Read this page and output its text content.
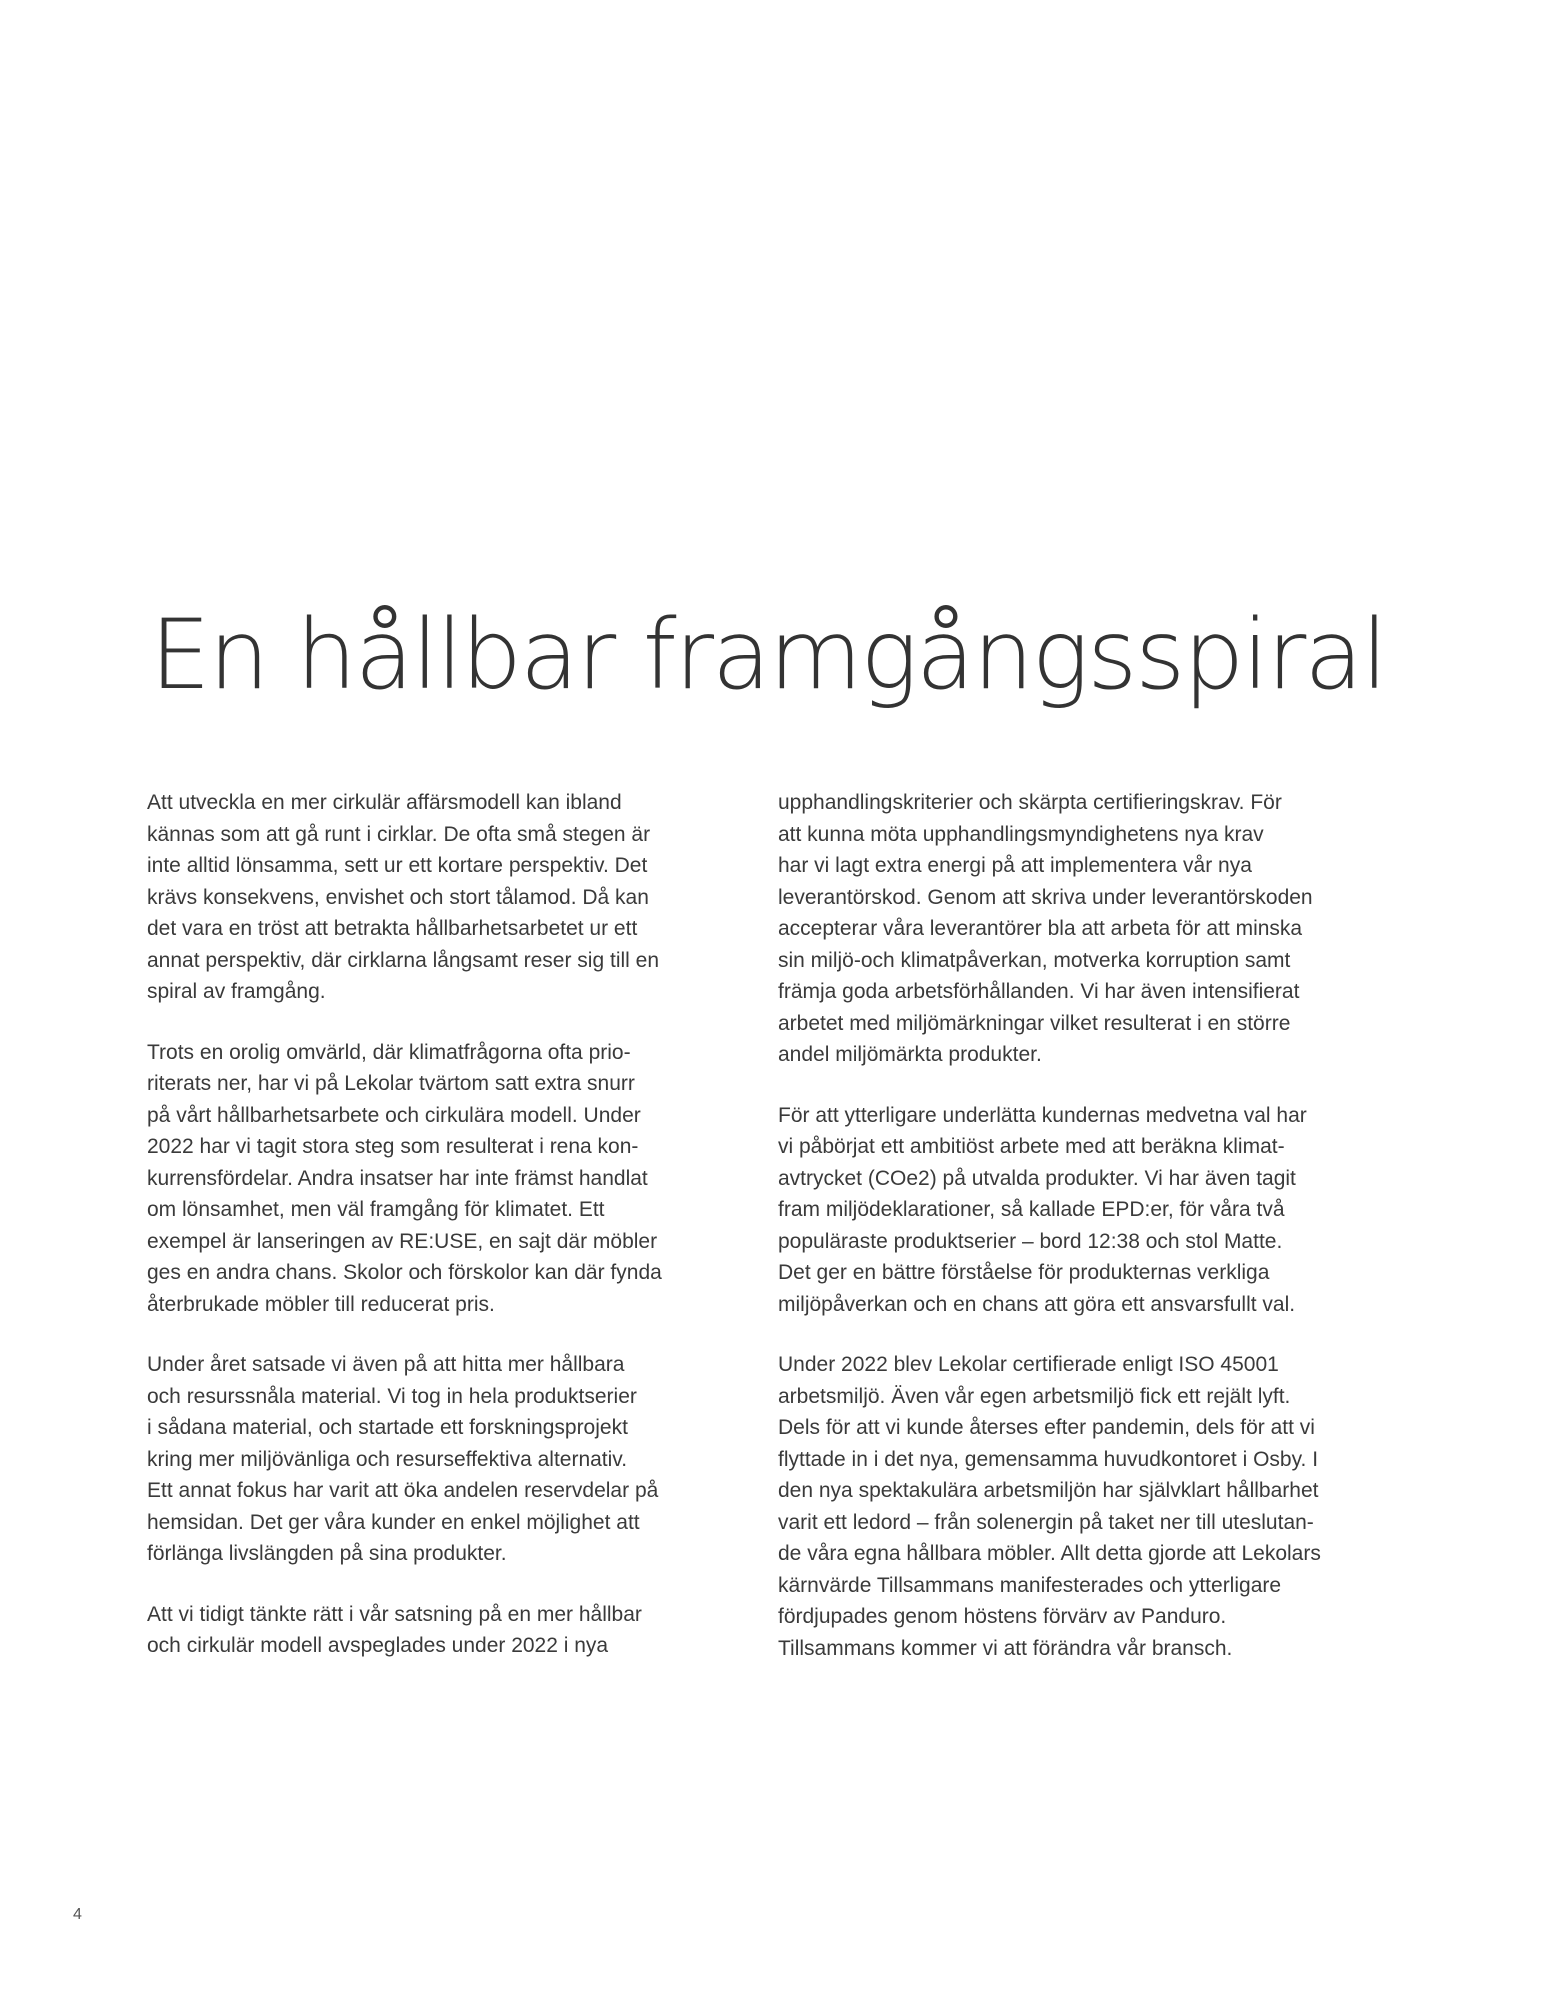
En hållbar framgångsspiral

Att utveckla en mer cirkulär affärsmodell kan ibland
kännas som att gå runt i cirklar. De ofta små stegen är
inte alltid lönsamma, sett ur ett kortare perspektiv. Det
krävs konsekvens, envishet och stort tålamod. Då kan
det vara en tröst att betrakta hållbarhetsarbetet ur ett
annat perspektiv, där cirklarna långsamt reser sig till en
spiral av framgång.

Trots en orolig omvärld, där klimatfrågorna ofta prio-
riterats ner, har vi på Lekolar tvärtom satt extra snurr
på vårt hållbarhetsarbete och cirkulära modell. Under
2022 har vi tagit stora steg som resulterat i rena kon-
kurrensfördelar. Andra insatser har inte främst handlat
om lönsamhet, men väl framgång för klimatet. Ett
exempel är lanseringen av RE:USE, en sajt där möbler
ges en andra chans. Skolor och förskolor kan där fynda
återbrukade möbler till reducerat pris.

Under året satsade vi även på att hitta mer hållbara
och resurssnåla material. Vi tog in hela produktserier
i sådana material, och startade ett forskningsprojekt
kring mer miljövänliga och resurseffektiva alternativ.
Ett annat fokus har varit att öka andelen reservdelar på
hemsidan. Det ger våra kunder en enkel möjlighet att
förlänga livslängden på sina produkter.

Att vi tidigt tänkte rätt i vår satsning på en mer hållbar
och cirkulär modell avspeglades under 2022 i nya

upphandlingskriterier och skärpta certifieringskrav. För
att kunna möta upphandlingsmyndighetens nya krav
har vi lagt extra energi på att implementera vår nya
leverantörskod. Genom att skriva under leverantörskoden
accepterar våra leverantörer bla att arbeta för att minska
sin miljö-och klimatpåverkan, motverka korruption samt
främja goda arbetsförhållanden. Vi har även intensifierat
arbetet med miljömärkningar vilket resulterat i en större
andel miljömärkta produkter.

För att ytterligare underlätta kundernas medvetna val har
vi påbörjat ett ambitiöst arbete med att beräkna klimat-
avtrycket (COe2) på utvalda produkter. Vi har även tagit
fram miljödeklarationer, så kallade EPD:er, för våra två
populäraste produktserier – bord 12:38 och stol Matte.
Det ger en bättre förståelse för produkternas verkliga
miljöpåverkan och en chans att göra ett ansvarsfullt val.

Under 2022 blev Lekolar certifierade enligt ISO 45001
arbetsmiljö. Även vår egen arbetsmiljö fick ett rejält lyft.
Dels för att vi kunde återses efter pandemin, dels för att vi
flyttade in i det nya, gemensamma huvudkontoret i Osby. I
den nya spektakulära arbetsmiljön har självklart hållbarhet
varit ett ledord – från solenergin på taket ner till uteslutan-
de våra egna hållbara möbler. Allt detta gjorde att Lekolars
kärnvärde Tillsammans manifesterades och ytterligare
fördjupades genom höstens förvärv av Panduro.
Tillsammans kommer vi att förändra vår bransch.

4
